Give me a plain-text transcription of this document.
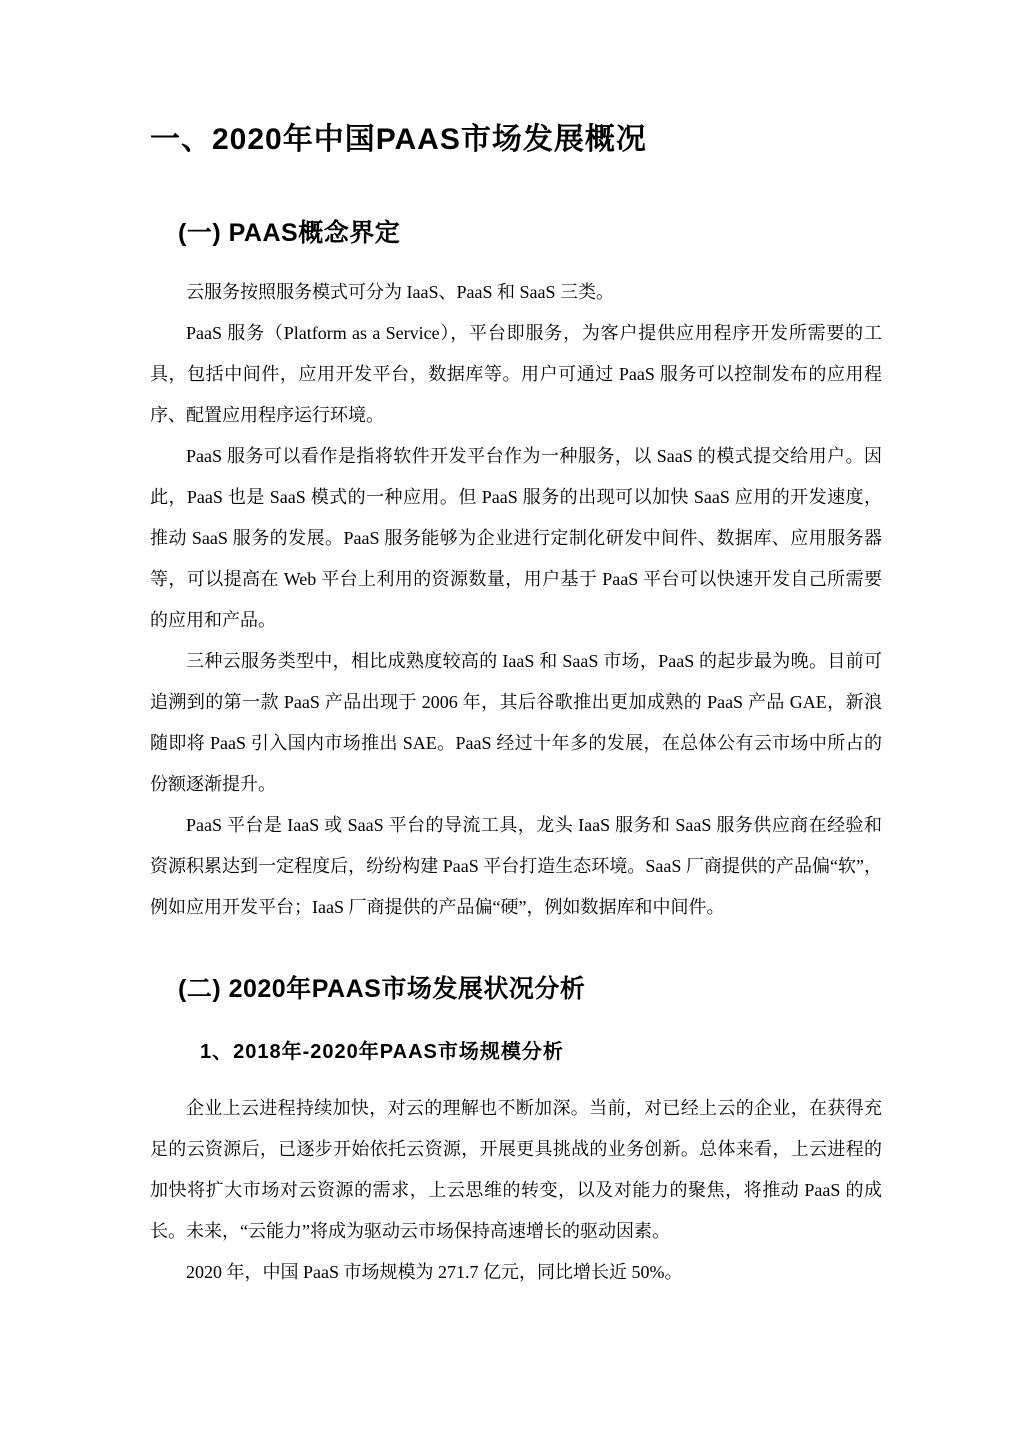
一、2020年中国PAAS市场发展概况
(一) PAAS概念界定

云服务按照服务模式可分为 IaaS、PaaS 和 SaaS 三类。

PaaS 服务（Platform as a Service），平台即服务，为客户提供应用程序开发所需要的工具，包括中间件，应用开发平台，数据库等。用户可通过 PaaS 服务可以控制发布的应用程序、配置应用程序运行环境。

PaaS 服务可以看作是指将软件开发平台作为一种服务，以 SaaS 的模式提交给用户。因此，PaaS 也是 SaaS 模式的一种应用。但 PaaS 服务的出现可以加快 SaaS 应用的开发速度，推动 SaaS 服务的发展。PaaS 服务能够为企业进行定制化研发中间件、数据库、应用服务器等，可以提高在 Web 平台上利用的资源数量，用户基于 PaaS 平台可以快速开发自己所需要的应用和产品。

三种云服务类型中，相比成熟度较高的 IaaS 和 SaaS 市场，PaaS 的起步最为晚。目前可追溯到的第一款 PaaS 产品出现于 2006 年，其后谷歌推出更加成熟的 PaaS 产品 GAE，新浪随即将 PaaS 引入国内市场推出 SAE。PaaS 经过十年多的发展，在总体公有云市场中所占的份额逐渐提升。

PaaS 平台是 IaaS 或 SaaS 平台的导流工具，龙头 IaaS 服务和 SaaS 服务供应商在经验和资源积累达到一定程度后，纷纷构建 PaaS 平台打造生态环境。SaaS 厂商提供的产品偏“软”，例如应用开发平台；IaaS 厂商提供的产品偏“硬”，例如数据库和中间件。

(二) 2020年PAAS市场发展状况分析
1、2018年-2020年PAAS市场规模分析

企业上云进程持续加快，对云的理解也不断加深。当前，对已经上云的企业，在获得充足的云资源后，已逐步开始依托云资源，开展更具挑战的业务创新。总体来看，上云进程的加快将扩大市场对云资源的需求，上云思维的转变，以及对能力的聚焦，将推动 PaaS 的成长。未来，“云能力”将成为驱动云市场保持高速增长的驱动因素。

2020 年，中国 PaaS 市场规模为 271.7 亿元，同比增长近 50%。
